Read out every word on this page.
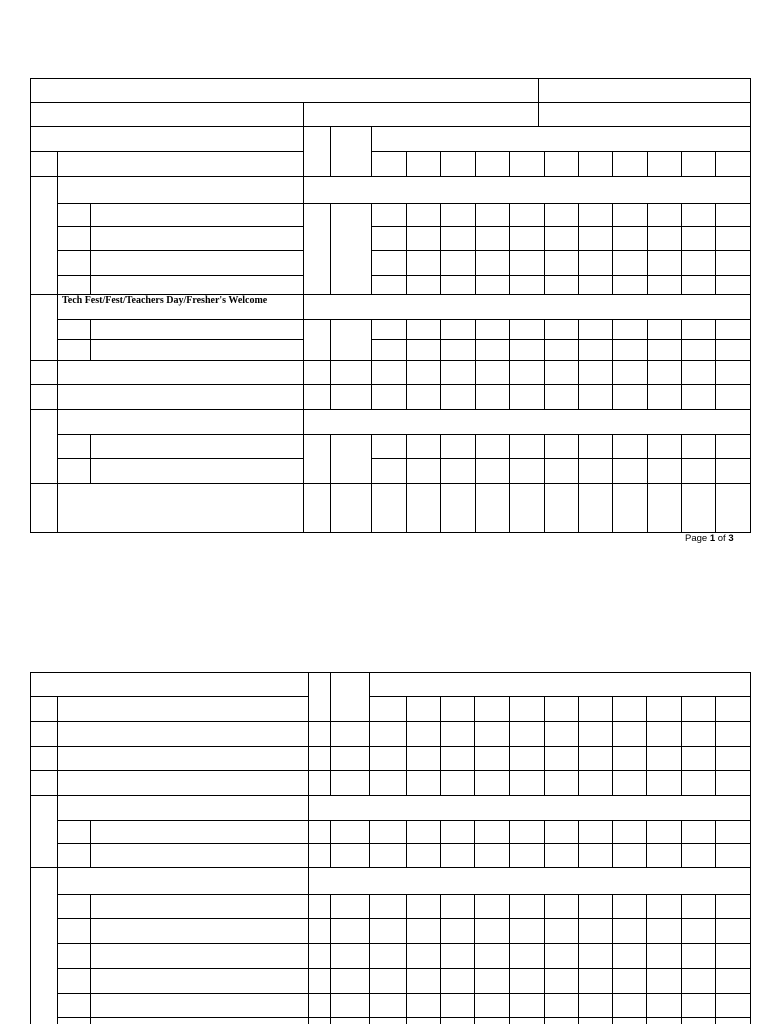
Tech Fest/Fest/Teachers Day/Fresher's Welcome
Page 1 of 3
